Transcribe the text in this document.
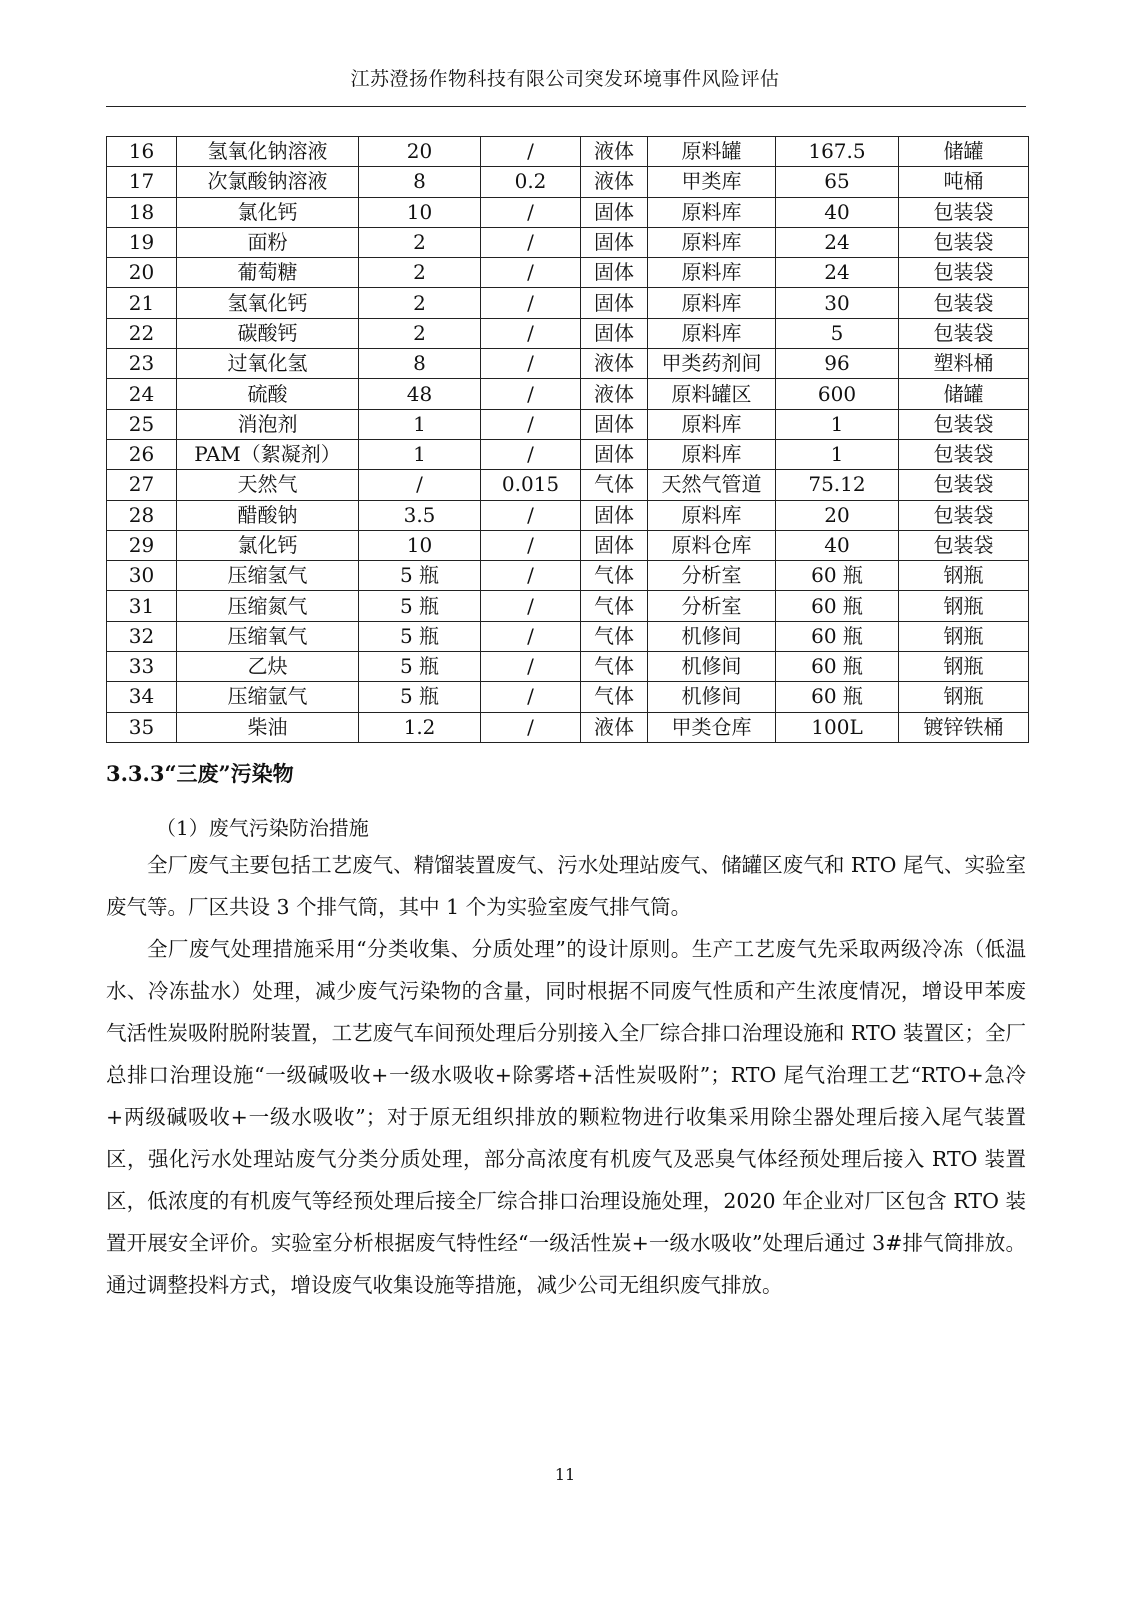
江苏澄扬作物科技有限公司突发环境事件风险评估
16	氢氧化钠溶液	20	/	液体	原料罐	167.5	储罐
17	次氯酸钠溶液	8	0.2	液体	甲类库	65	吨桶
18	氯化钙	10	/	固体	原料库	40	包装袋
19	面粉	2	/	固体	原料库	24	包装袋
20	葡萄糖	2	/	固体	原料库	24	包装袋
21	氢氧化钙	2	/	固体	原料库	30	包装袋
22	碳酸钙	2	/	固体	原料库	5	包装袋
23	过氧化氢	8	/	液体	甲类药剂间	96	塑料桶
24	硫酸	48	/	液体	原料罐区	600	储罐
25	消泡剂	1	/	固体	原料库	1	包装袋
26	PAM（絮凝剂）	1	/	固体	原料库	1	包装袋
27	天然气	/	0.015	气体	天然气管道	75.12	包装袋
28	醋酸钠	3.5	/	固体	原料库	20	包装袋
29	氯化钙	10	/	固体	原料仓库	40	包装袋
30	压缩氢气	5 瓶	/	气体	分析室	60 瓶	钢瓶
31	压缩氮气	5 瓶	/	气体	分析室	60 瓶	钢瓶
32	压缩氧气	5 瓶	/	气体	机修间	60 瓶	钢瓶
33	乙炔	5 瓶	/	气体	机修间	60 瓶	钢瓶
34	压缩氩气	5 瓶	/	气体	机修间	60 瓶	钢瓶
35	柴油	1.2	/	液体	甲类仓库	100L	镀锌铁桶
3.3.3“三废”污染物
（1）废气污染防治措施

全厂废气主要包括工艺废气、精馏装置废气、污水处理站废气、储罐区废气和 RTO 尾气、实验室废气等。厂区共设 3 个排气筒，其中 1 个为实验室废气排气筒。

全厂废气处理措施采用“分类收集、分质处理”的设计原则。生产工艺废气先采取两级冷冻（低温水、冷冻盐水）处理，减少废气污染物的含量，同时根据不同废气性质和产生浓度情况，增设甲苯废气活性炭吸附脱附装置，工艺废气车间预处理后分别接入全厂综合排口治理设施和 RTO 装置区；全厂总排口治理设施“一级碱吸收+一级水吸收+除雾塔+活性炭吸附”；RTO 尾气治理工艺“RTO+急冷+两级碱吸收+一级水吸收”；对于原无组织排放的颗粒物进行收集采用除尘器处理后接入尾气装置区，强化污水处理站废气分类分质处理，部分高浓度有机废气及恶臭气体经预处理后接入 RTO 装置区，低浓度的有机废气等经预处理后接全厂综合排口治理设施处理，2020 年企业对厂区包含 RTO 装置开展安全评价。实验室分析根据废气特性经“一级活性炭+一级水吸收”处理后通过 3#排气筒排放。通过调整投料方式，增设废气收集设施等措施，减少公司无组织废气排放。

11
